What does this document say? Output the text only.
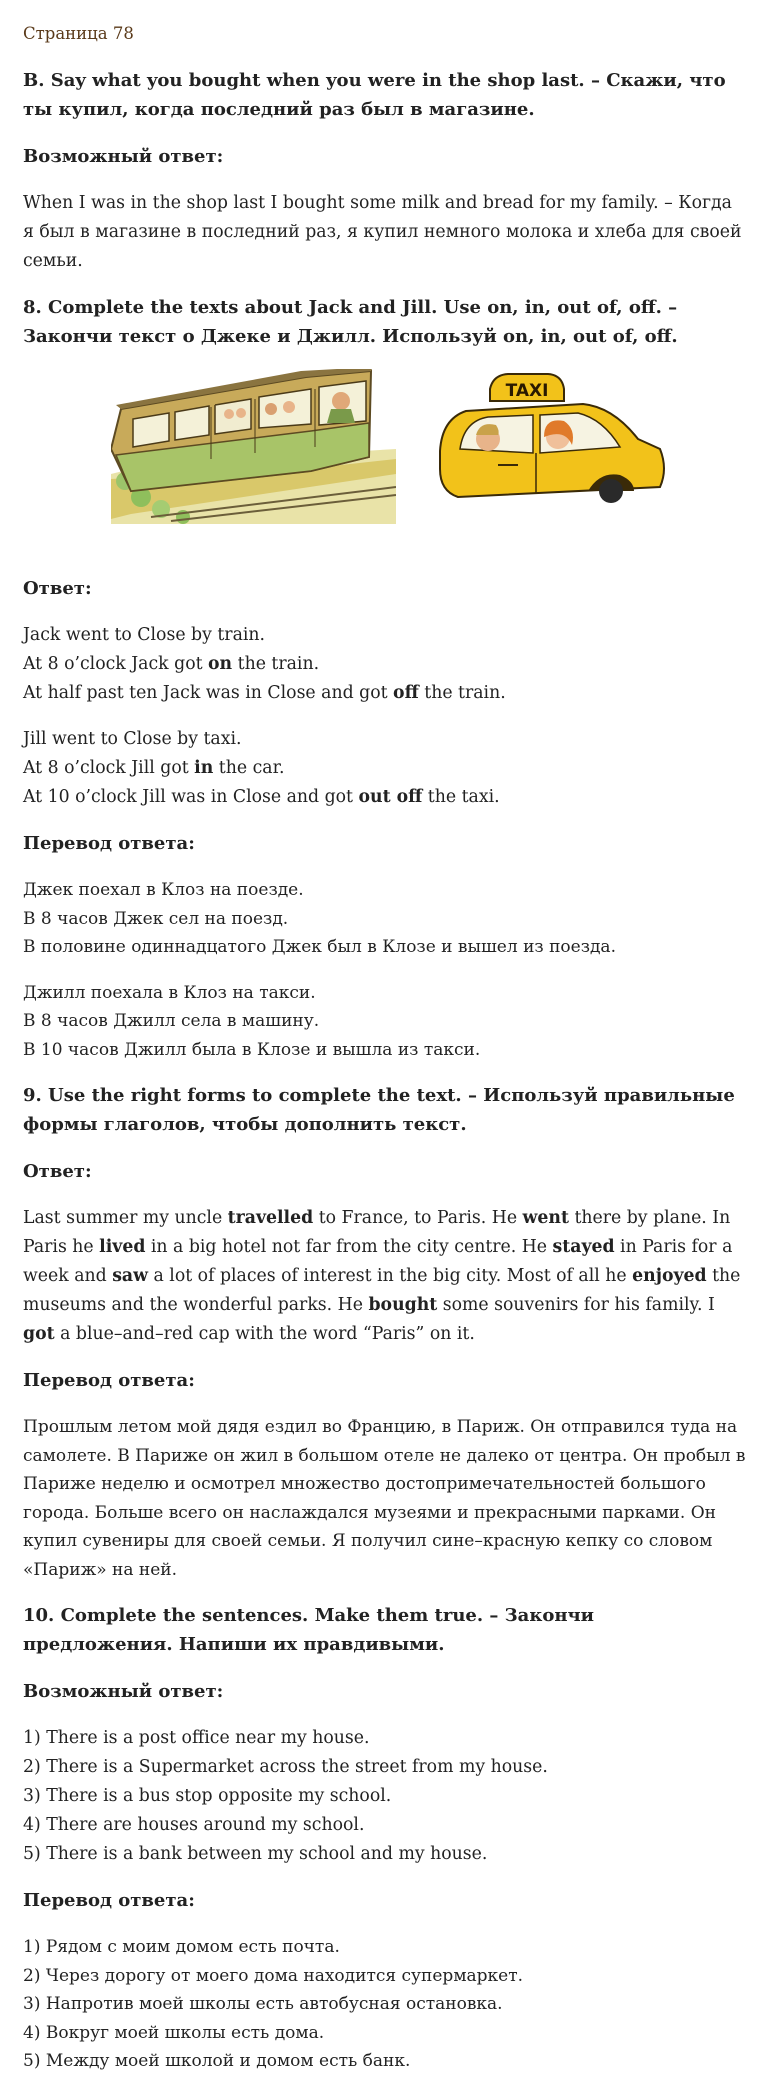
Страница 78
B. Say what you bought when you were in the shop last. – Скажи, что ты купил, когда последний раз был в магазине.
Возможный ответ:
When I was in the shop last I bought some milk and bread for my family. – Когда я был в магазине в последний раз, я купил немного молока и хлеба для своей семьи.
8. Complete the texts about Jack and Jill. Use on, in, out of, off. – Закончи текст о Джеке и Джилл. Используй on, in, out of, off.
TAXI
Ответ:
Jack went to Close by train.
At 8 o’clock Jack got on the train.
At half past ten Jack was in Close and got off the train.
Jill went to Close by taxi.
At 8 o’clock Jill got in the car.
At 10 o’clock Jill was in Close and got out off the taxi.
Перевод ответа:
Джек поехал в Клоз на поезде.
В 8 часов Джек сел на поезд.
В половине одиннадцатого Джек был в Клозе и вышел из поезда.
Джилл поехала в Клоз на такси.
В 8 часов Джилл села в машину.
В 10 часов Джилл была в Клозе и вышла из такси.
9. Use the right forms to complete the text. – Используй правильные формы глаголов, чтобы дополнить текст.
Ответ:
Last summer my uncle travelled to France, to Paris. He went there by plane. In Paris he lived in a big hotel not far from the city centre. He stayed in Paris for a week and saw a lot of places of interest in the big city. Most of all he enjoyed the museums and the wonderful parks. He bought some souvenirs for his family. I got a blue–and–red cap with the word “Paris” on it.
Перевод ответа:
Прошлым летом мой дядя ездил во Францию, в Париж. Он отправился туда на самолете. В Париже он жил в большом отеле не далеко от центра. Он пробыл в Париже неделю и осмотрел множество достопримечательностей большого города. Больше всего он наслаждался музеями и прекрасными парками. Он купил сувениры для своей семьи. Я получил сине–красную кепку со словом «Париж» на ней.
10. Complete the sentences. Make them true. – Закончи предложения. Напиши их правдивыми.
Возможный ответ:
1) There is a post office near my house.
2) There is a Supermarket across the street from my house.
3) There is a bus stop opposite my school.
4) There are houses around my school.
5) There is a bank between my school and my house.
Перевод ответа:
1) Рядом с моим домом есть почта.
2) Через дорогу от моего дома находится супермаркет.
3) Напротив моей школы есть автобусная остановка.
4) Вокруг моей школы есть дома.
5) Между моей школой и домом есть банк.
